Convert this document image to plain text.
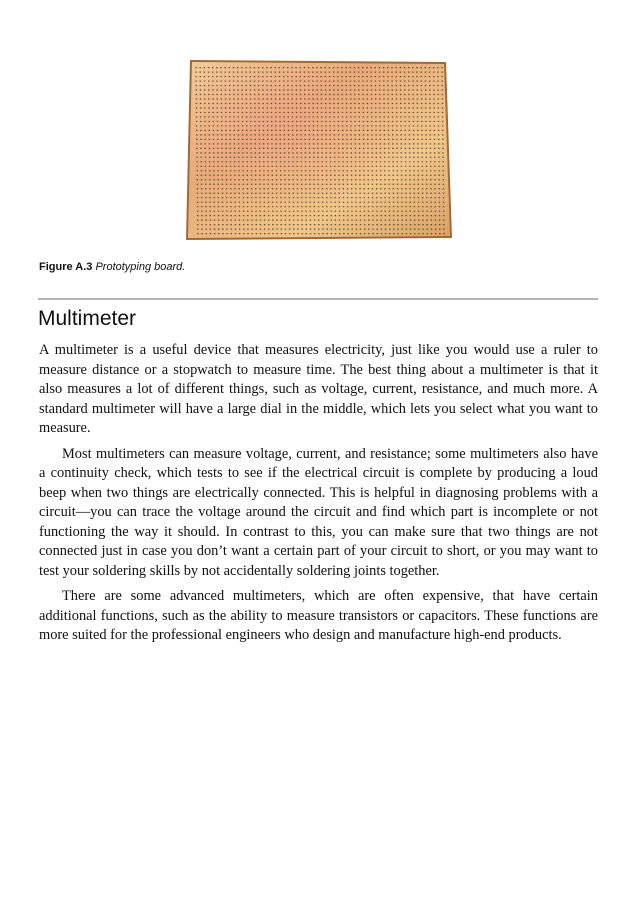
Figure A.3 Prototyping board.

Multimeter

A multimeter is a useful device that measures electricity, just like you would use a ruler to measure distance or a stopwatch to measure time. The best thing about a multimeter is that it also measures a lot of different things, such as voltage, current, resistance, and much more. A standard multimeter will have a large dial in the middle, which lets you select what you want to measure.

Most multimeters can measure voltage, current, and resistance; some multimeters also have a continuity check, which tests to see if the electrical circuit is complete by producing a loud beep when two things are electrically connected. This is helpful in diagnosing problems with a circuit—you can trace the voltage around the circuit and find which part is incomplete or not functioning the way it should. In contrast to this, you can make sure that two things are not connected just in case you don’t want a certain part of your circuit to short, or you may want to test your soldering skills by not accidentally soldering joints together.

There are some advanced multimeters, which are often expensive, that have certain additional functions, such as the ability to measure transistors or capacitors. These functions are more suited for the professional engineers who design and manufacture high-end products.
